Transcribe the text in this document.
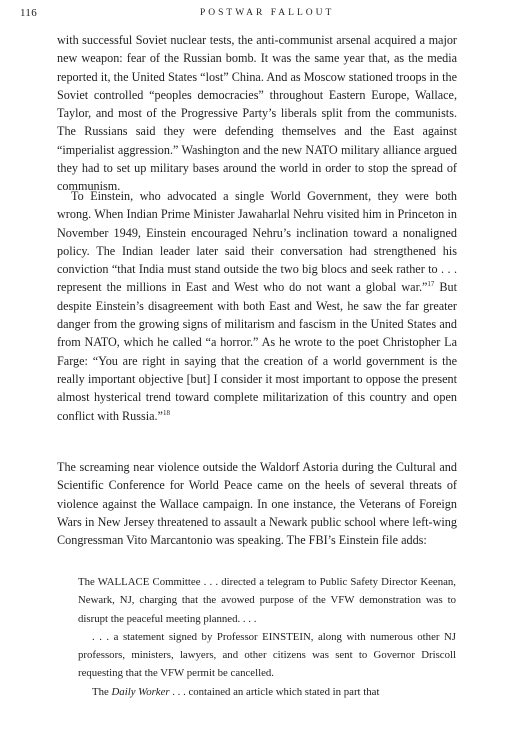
116	POSTWAR FALLOUT

with successful Soviet nuclear tests, the anti-communist arsenal acquired a major new weapon: fear of the Russian bomb. It was the same year that, as the media reported it, the United States “lost” China. And as Moscow stationed troops in the Soviet controlled “peoples democracies” throughout Eastern Europe, Wallace, Taylor, and most of the Progressive Party’s liberals split from the communists. The Russians said they were defending themselves and the East against “imperialist aggression.” Washington and the new NATO military alliance argued they had to set up military bases around the world in order to stop the spread of communism.

To Einstein, who advocated a single World Government, they were both wrong. When Indian Prime Minister Jawaharlal Nehru visited him in Princeton in November 1949, Einstein encouraged Nehru’s inclination toward a nonaligned policy. The Indian leader later said their conversation had strengthened his conviction “that India must stand outside the two big blocs and seek rather to . . . represent the millions in East and West who do not want a global war.”$^{17}$ But despite Einstein’s disagreement with both East and West, he saw the far greater danger from the growing signs of militarism and fascism in the United States and from NATO, which he called “a horror.” As he wrote to the poet Christopher La Farge: “You are right in saying that the creation of a world government is the really important objective [but] I consider it most important to oppose the present almost hysterical trend toward complete militarization of this country and open conflict with Russia.”$^{18}$

The screaming near violence outside the Waldorf Astoria during the Cultural and Scientific Conference for World Peace came on the heels of several threats of violence against the Wallace campaign. In one instance, the Veterans of Foreign Wars in New Jersey threatened to assault a Newark public school where left-wing Congressman Vito Marcantonio was speaking. The FBI’s Einstein file adds:

The WALLACE Committee . . . directed a telegram to Public Safety Director Keenan, Newark, NJ, charging that the avowed purpose of the VFW demonstration was to disrupt the peaceful meeting planned. . . .

. . . a statement signed by Professor EINSTEIN, along with numerous other NJ professors, ministers, lawyers, and other citizens was sent to Governor Driscoll requesting that the VFW permit be cancelled.

The Daily Worker . . . contained an article which stated in part that
